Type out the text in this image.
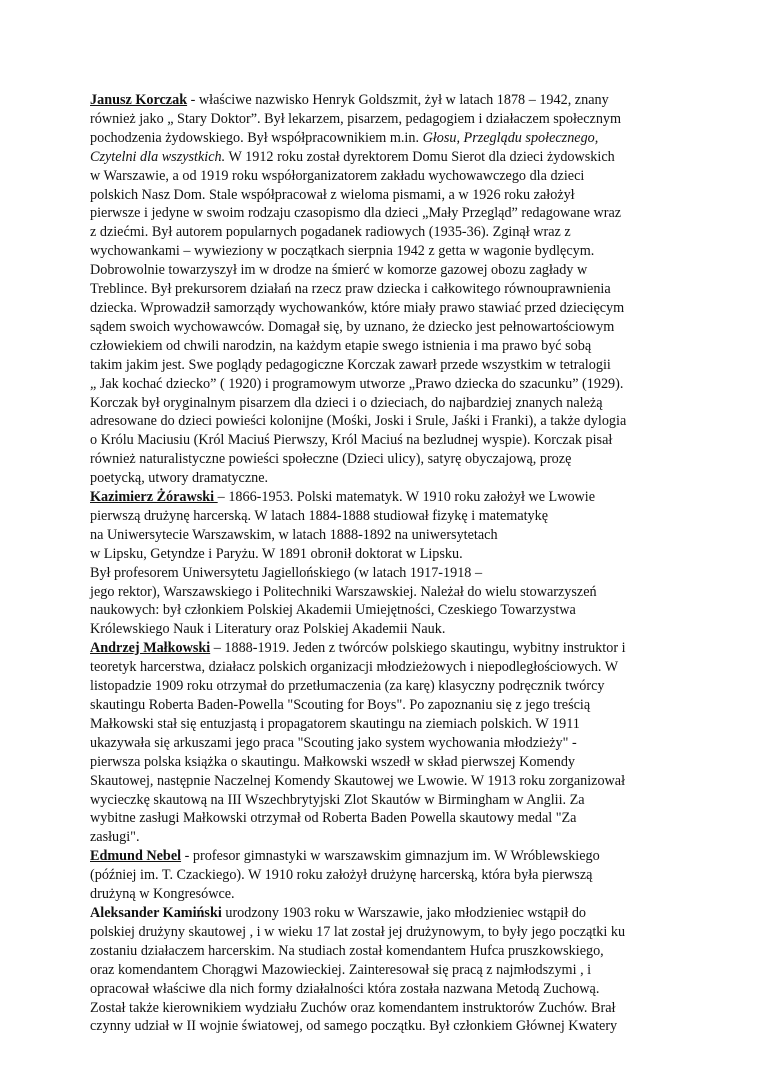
Janusz Korczak - właściwe nazwisko Henryk Goldszmit, żył w latach 1878 – 1942, znany
również jako „ Stary Doktor”. Był lekarzem, pisarzem, pedagogiem i działaczem społecznym
pochodzenia żydowskiego. Był współpracownikiem m.in. Głosu, Przeglądu społecznego,
Czytelni dla wszystkich. W 1912 roku został dyrektorem Domu Sierot dla dzieci żydowskich
w Warszawie, a od 1919 roku współorganizatorem zakładu wychowawczego dla dzieci
polskich Nasz Dom. Stale współpracował z wieloma pismami, a w 1926 roku założył
pierwsze i jedyne w swoim rodzaju czasopismo dla dzieci „Mały Przegląd” redagowane wraz
z dziećmi. Był autorem popularnych pogadanek radiowych (1935-36). Zginął wraz z
wychowankami – wywieziony w początkach sierpnia 1942 z getta w wagonie bydlęcym.
Dobrowolnie towarzyszył im w drodze na śmierć w komorze gazowej obozu zagłady w
Treblince. Był prekursorem działań na rzecz praw dziecka i całkowitego równouprawnienia
dziecka. Wprowadził samorządy wychowanków, które miały prawo stawiać przed dziecięcym
sądem swoich wychowawców. Domagał się, by uznano, że dziecko jest pełnowartościowym
człowiekiem od chwili narodzin, na każdym etapie swego istnienia i ma prawo być sobą
takim jakim jest. Swe poglądy pedagogiczne Korczak zawarł przede wszystkim w tetralogii
„ Jak kochać dziecko” ( 1920) i programowym utworze „Prawo dziecka do szacunku” (1929).
Korczak był oryginalnym pisarzem dla dzieci i o dzieciach, do najbardziej znanych należą
adresowane do dzieci powieści kolonijne (Mośki, Joski i Srule, Jaśki i Franki), a także dylogia
o Królu Maciusiu (Król Maciuś Pierwszy, Król Maciuś na bezludnej wyspie). Korczak pisał
również naturalistyczne powieści społeczne (Dzieci ulicy), satyrę obyczajową, prozę
poetycką, utwory dramatyczne.
Kazimierz Żórawski – 1866-1953. Polski matematyk. W 1910 roku założył we Lwowie
pierwszą drużynę harcerską. W latach 1884-1888 studiował fizykę i matematykę
na Uniwersytecie Warszawskim, w latach 1888-1892 na uniwersytetach
w Lipsku, Getyndze i Paryżu. W 1891 obronił doktorat w Lipsku.
Był profesorem Uniwersytetu Jagiellońskiego (w latach 1917-1918 –
jego rektor), Warszawskiego i Politechniki Warszawskiej. Należał do wielu stowarzyszeń
naukowych: był członkiem Polskiej Akademii Umiejętności, Czeskiego Towarzystwa
Królewskiego Nauk i Literatury oraz Polskiej Akademii Nauk.
Andrzej Małkowski – 1888-1919. Jeden z twórców polskiego skautingu, wybitny instruktor i
teoretyk harcerstwa, działacz polskich organizacji młodzieżowych i niepodległościowych. W
listopadzie 1909 roku otrzymał do przetłumaczenia (za karę) klasyczny podręcznik twórcy
skautingu Roberta Baden-Powella "Scouting for Boys". Po zapoznaniu się z jego treścią
Małkowski stał się entuzjastą i propagatorem skautingu na ziemiach polskich. W 1911
ukazywała się arkuszami jego praca "Scouting jako system wychowania młodzieży" -
pierwsza polska książka o skautingu. Małkowski wszedł w skład pierwszej Komendy
Skautowej, następnie Naczelnej Komendy Skautowej we Lwowie. W 1913 roku zorganizował
wycieczkę skautową na III Wszechbrytyjski Zlot Skautów w Birmingham w Anglii. Za
wybitne zasługi Małkowski otrzymał od Roberta Baden Powella skautowy medal "Za
zasługi".
Edmund Nebel - profesor gimnastyki w warszawskim gimnazjum im. W Wróblewskiego
(później im. T. Czackiego). W 1910 roku założył drużynę harcerską, która była pierwszą
drużyną w Kongresówce.
Aleksander Kamiński urodzony 1903 roku w Warszawie, jako młodzieniec wstąpił do
polskiej drużyny skautowej , i w wieku 17 lat został jej drużynowym, to były jego początki ku
zostaniu działaczem harcerskim. Na studiach został komendantem Hufca pruszkowskiego,
oraz komendantem Chorągwi Mazowieckiej. Zainteresował się pracą z najmłodszymi , i
opracował właściwe dla nich formy działalności która została nazwana Metodą Zuchową.
Został także kierownikiem wydziału Zuchów oraz komendantem instruktorów Zuchów. Brał
czynny udział w II wojnie światowej, od samego początku. Był członkiem Głównej Kwatery
